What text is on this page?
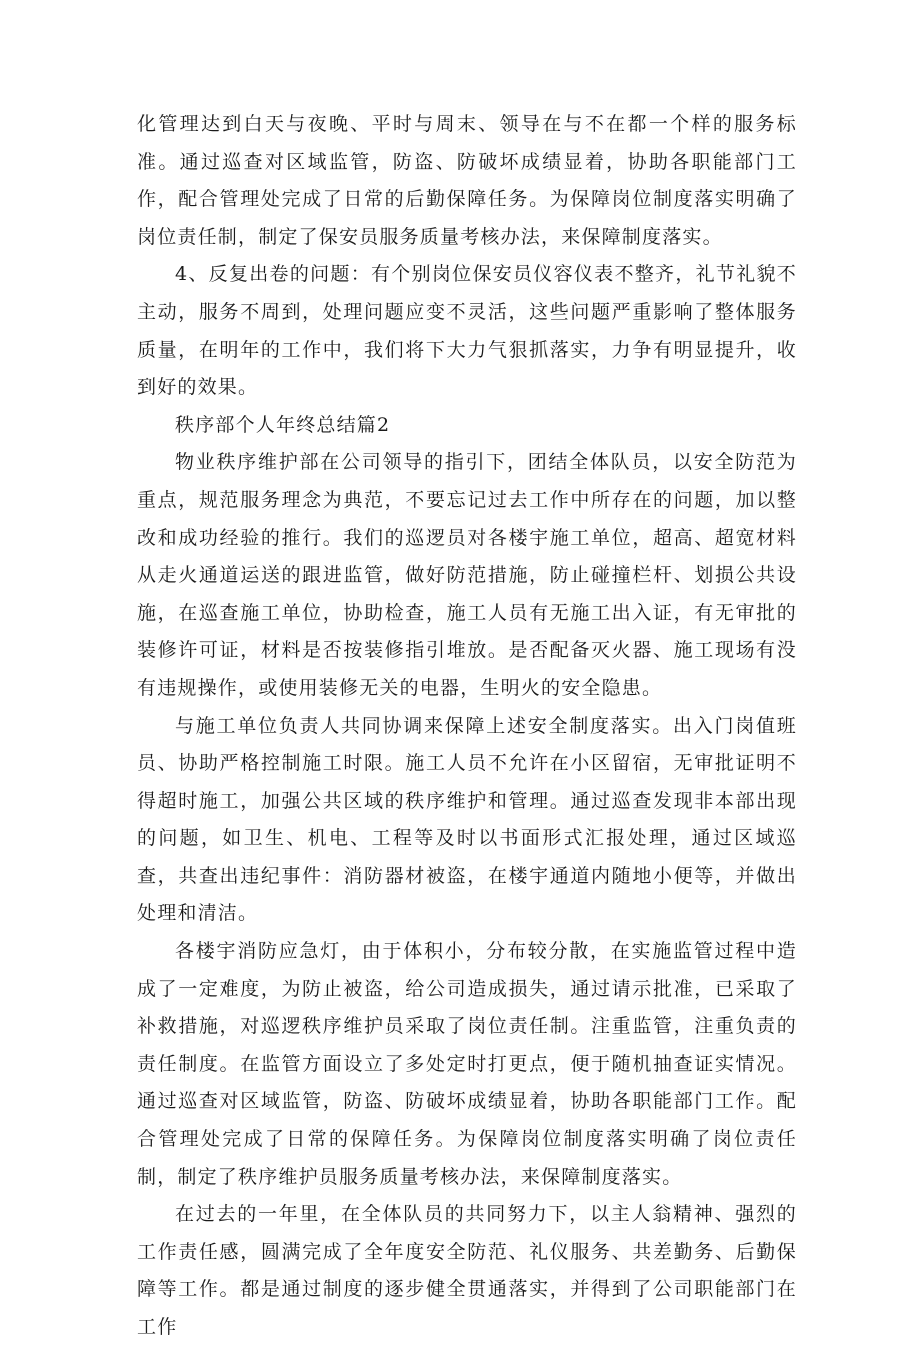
化管理达到白天与夜晚、平时与周末、领导在与不在都一个样的服务标准。通过巡查对区域监管，防盗、防破坏成绩显着，协助各职能部门工作，配合管理处完成了日常的后勤保障任务。为保障岗位制度落实明确了岗位责任制，制定了保安员服务质量考核办法，来保障制度落实。

4、反复出卷的问题：有个别岗位保安员仪容仪表不整齐，礼节礼貌不主动，服务不周到，处理问题应变不灵活，这些问题严重影响了整体服务质量，在明年的工作中，我们将下大力气狠抓落实，力争有明显提升，收到好的效果。

秩序部个人年终总结篇2

物业秩序维护部在公司领导的指引下，团结全体队员，以安全防范为重点，规范服务理念为典范，不要忘记过去工作中所存在的问题，加以整改和成功经验的推行。我们的巡逻员对各楼宇施工单位，超高、超宽材料从走火通道运送的跟进监管，做好防范措施，防止碰撞栏杆、划损公共设施，在巡查施工单位，协助检查，施工人员有无施工出入证，有无审批的装修许可证，材料是否按装修指引堆放。是否配备灭火器、施工现场有没有违规操作，或使用装修无关的电器，生明火的安全隐患。

与施工单位负责人共同协调来保障上述安全制度落实。出入门岗值班员、协助严格控制施工时限。施工人员不允许在小区留宿，无审批证明不得超时施工，加强公共区域的秩序维护和管理。通过巡查发现非本部出现的问题，如卫生、机电、工程等及时以书面形式汇报处理，通过区域巡查，共查出违纪事件：消防器材被盗，在楼宇通道内随地小便等，并做出处理和清洁。

各楼宇消防应急灯，由于体积小，分布较分散，在实施监管过程中造成了一定难度，为防止被盗，给公司造成损失，通过请示批准，已采取了补救措施，对巡逻秩序维护员采取了岗位责任制。注重监管，注重负责的责任制度。在监管方面设立了多处定时打更点，便于随机抽查证实情况。通过巡查对区域监管，防盗、防破坏成绩显着，协助各职能部门工作。配合管理处完成了日常的保障任务。为保障岗位制度落实明确了岗位责任制，制定了秩序维护员服务质量考核办法，来保障制度落实。

在过去的一年里，在全体队员的共同努力下，以主人翁精神、强烈的工作责任感，圆满完成了全年度安全防范、礼仪服务、共差勤务、后勤保障等工作。都是通过制度的逐步健全贯通落实，并得到了公司职能部门在工作
